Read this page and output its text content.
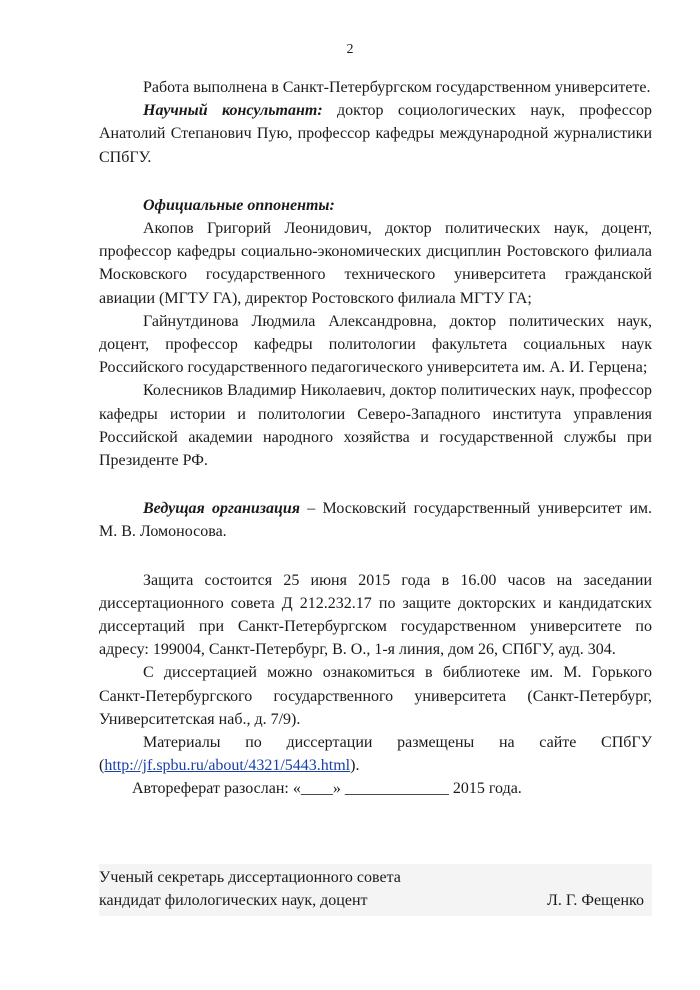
2

Работа выполнена в Санкт-Петербургском государственном университете.

Научный консультант: доктор социологических наук, профессор Анатолий Степанович Пую, профессор кафедры международной журналистики СПбГУ.

Официальные оппоненты:

Акопов Григорий Леонидович, доктор политических наук, доцент, профессор кафедры социально-экономических дисциплин Ростовского филиала Московского государственного технического университета гражданской авиации (МГТУ ГА), директор Ростовского филиала МГТУ ГА;

Гайнутдинова Людмила Александровна, доктор политических наук, доцент, профессор кафедры политологии факультета социальных наук Российского государственного педагогического университета им. А. И. Герцена;

Колесников Владимир Николаевич, доктор политических наук, профессор кафедры истории и политологии Северо-Западного института управления Российской академии народного хозяйства и государственной службы при Президенте РФ.

Ведущая организация – Московский государственный университет им. М. В. Ломоносова.

Защита состоится 25 июня 2015 года в 16.00 часов на заседании диссертационного совета Д 212.232.17 по защите докторских и кандидатских диссертаций при Санкт-Петербургском государственном университете по адресу: 199004, Санкт-Петербург, В. О., 1-я линия, дом 26, СПбГУ, ауд. 304.

С диссертацией можно ознакомиться в библиотеке им. М. Горького Санкт-Петербургского государственного университета (Санкт-Петербург, Университетская наб., д. 7/9).

Материалы по диссертации размещены на сайте СПбГУ

(http://jf.spbu.ru/about/4321/5443.html).

Автореферат разослан: «____» _____________ 2015 года.

Ученый секретарь диссертационного совета
кандидат филологических наук, доцент	Л. Г. Фещенко
